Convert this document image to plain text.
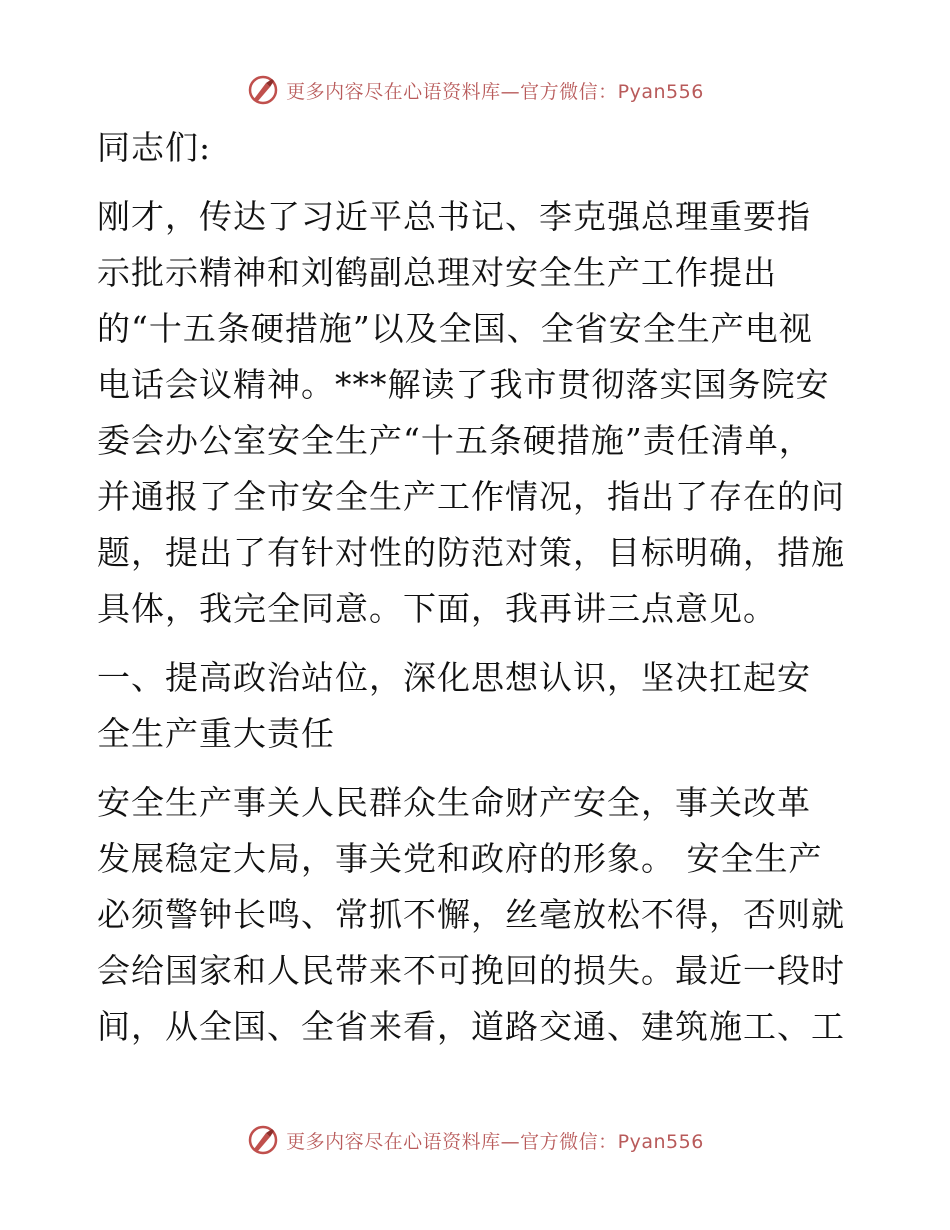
更多内容尽在心语资料库—官方微信：Pyan556
同志们:
刚才，传达了习近平总书记、李克强总理重要指
示批示精神和刘鹤副总理对安全生产工作提出
的“十五条硬措施”以及全国、全省安全生产电视
电话会议精神。***解读了我市贯彻落实国务院安
委会办公室安全生产“十五条硬措施”责任清单，
并通报了全市安全生产工作情况，指出了存在的问
题，提出了有针对性的防范对策，目标明确，措施
具体，我完全同意。下面，我再讲三点意见。
一、提高政治站位，深化思想认识，坚决扛起安
全生产重大责任
安全生产事关人民群众生命财产安全，事关改革
发展稳定大局，事关党和政府的形象。 安全生产
必须警钟长鸣、常抓不懈，丝毫放松不得，否则就
会给国家和人民带来不可挽回的损失。最近一段时
间，从全国、全省来看，道路交通、建筑施工、工
更多内容尽在心语资料库—官方微信：Pyan556
